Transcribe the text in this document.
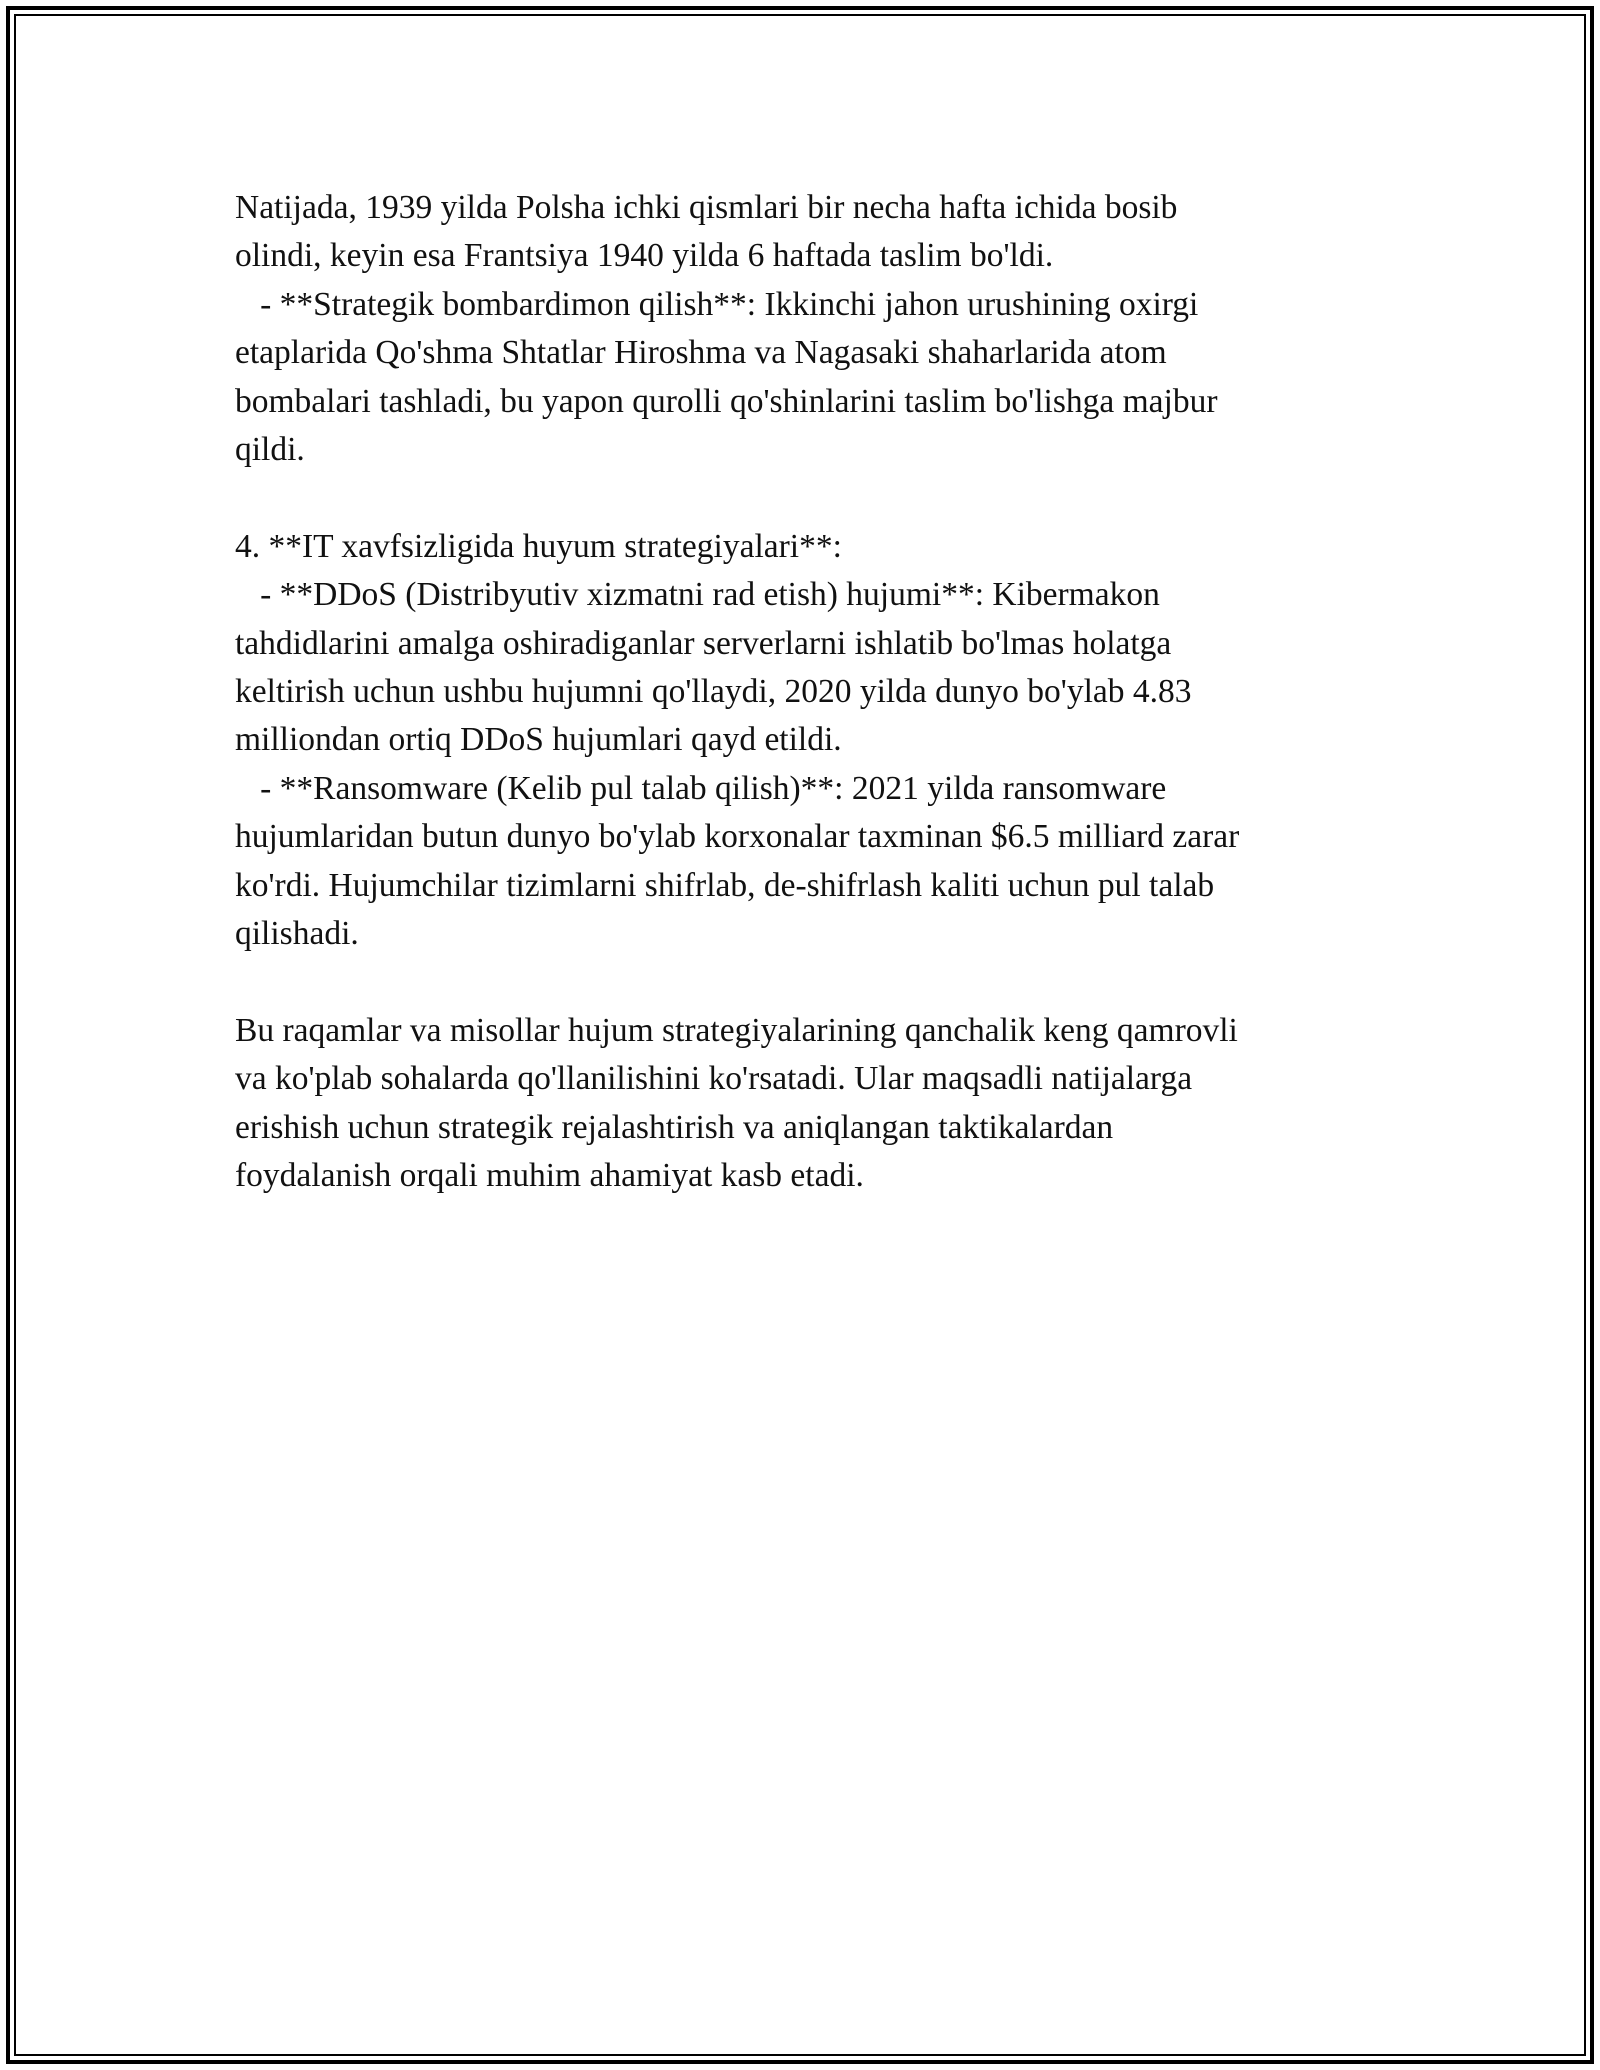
Natijada, 1939 yilda Polsha ichki qismlari bir necha hafta ichida bosib
olindi, keyin esa Frantsiya 1940 yilda 6 haftada taslim bo'ldi.
- **Strategik bombardimon qilish**: Ikkinchi jahon urushining oxirgi
etaplarida Qo'shma Shtatlar Hiroshma va Nagasaki shaharlarida atom
bombalari tashladi, bu yapon qurolli qo'shinlarini taslim bo'lishga majbur
qildi.

4. **IT xavfsizligida huyum strategiyalari**:
- **DDoS (Distribyutiv xizmatni rad etish) hujumi**: Kibermakon
tahdidlarini amalga oshiradiganlar serverlarni ishlatib bo'lmas holatga
keltirish uchun ushbu hujumni qo'llaydi, 2020 yilda dunyo bo'ylab 4.83
milliondan ortiq DDoS hujumlari qayd etildi.
- **Ransomware (Kelib pul talab qilish)**: 2021 yilda ransomware
hujumlaridan butun dunyo bo'ylab korxonalar taxminan $6.5 milliard zarar
ko'rdi. Hujumchilar tizimlarni shifrlab, de-shifrlash kaliti uchun pul talab
qilishadi.

Bu raqamlar va misollar hujum strategiyalarining qanchalik keng qamrovli
va ko'plab sohalarda qo'llanilishini ko'rsatadi. Ular maqsadli natijalarga
erishish uchun strategik rejalashtirish va aniqlangan taktikalardan
foydalanish orqali muhim ahamiyat kasb etadi.
